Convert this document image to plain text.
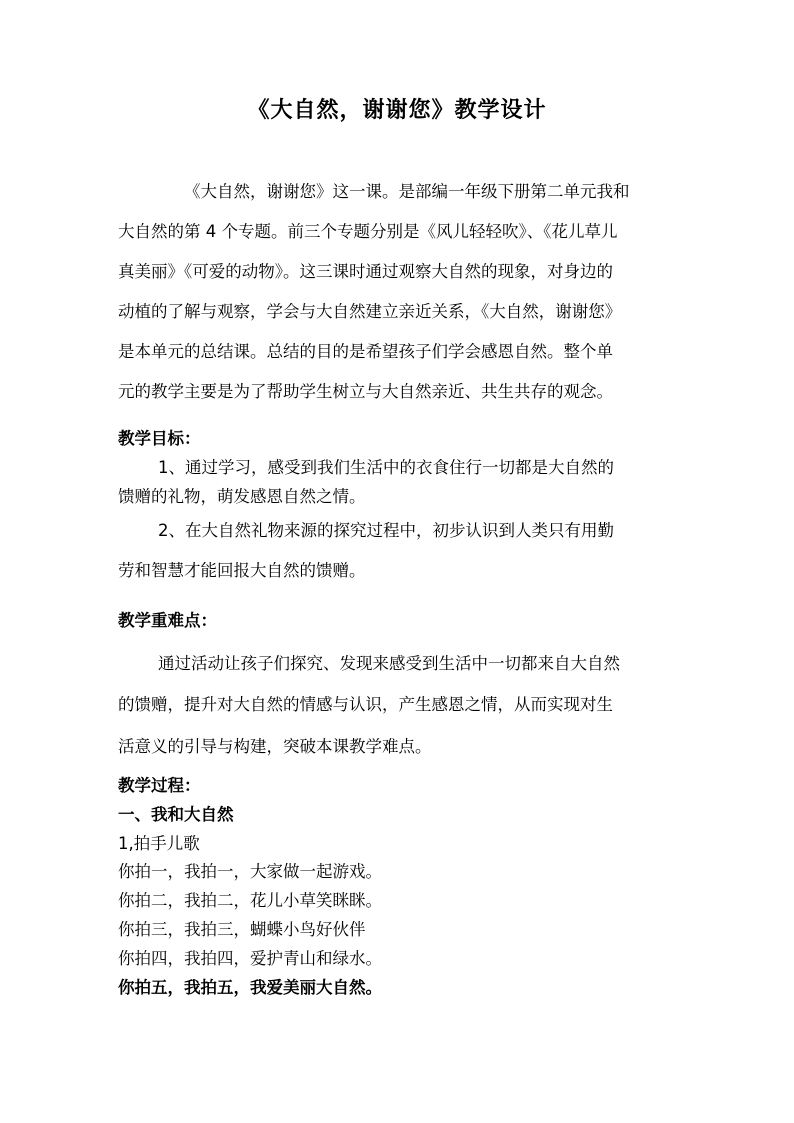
《大自然，谢谢您》教学设计
《大自然，谢谢您》这一课。是部编一年级下册第二单元我和
大自然的第 4 个专题。前三个专题分别是《风儿轻轻吹》、《花儿草儿
真美丽》《可爱的动物》。这三课时通过观察大自然的现象，对身边的
动植的了解与观察，学会与大自然建立亲近关系，《大自然，谢谢您》
是本单元的总结课。总结的目的是希望孩子们学会感恩自然。整个单
元的教学主要是为了帮助学生树立与大自然亲近、共生共存的观念。
教学目标：
1、通过学习，感受到我们生活中的衣食住行一切都是大自然的
馈赠的礼物，萌发感恩自然之情。
2、在大自然礼物来源的探究过程中，初步认识到人类只有用勤
劳和智慧才能回报大自然的馈赠。
教学重难点：
通过活动让孩子们探究、发现来感受到生活中一切都来自大自然
的馈赠，提升对大自然的情感与认识，产生感恩之情，从而实现对生
活意义的引导与构建，突破本课教学难点。
教学过程：
一、我和大自然
1,拍手儿歌
你拍一，我拍一，大家做一起游戏。
你拍二，我拍二，花儿小草笑眯眯。
你拍三，我拍三，蝴蝶小鸟好伙伴
你拍四，我拍四，爱护青山和绿水。
你拍五，我拍五，我爱美丽大自然。
